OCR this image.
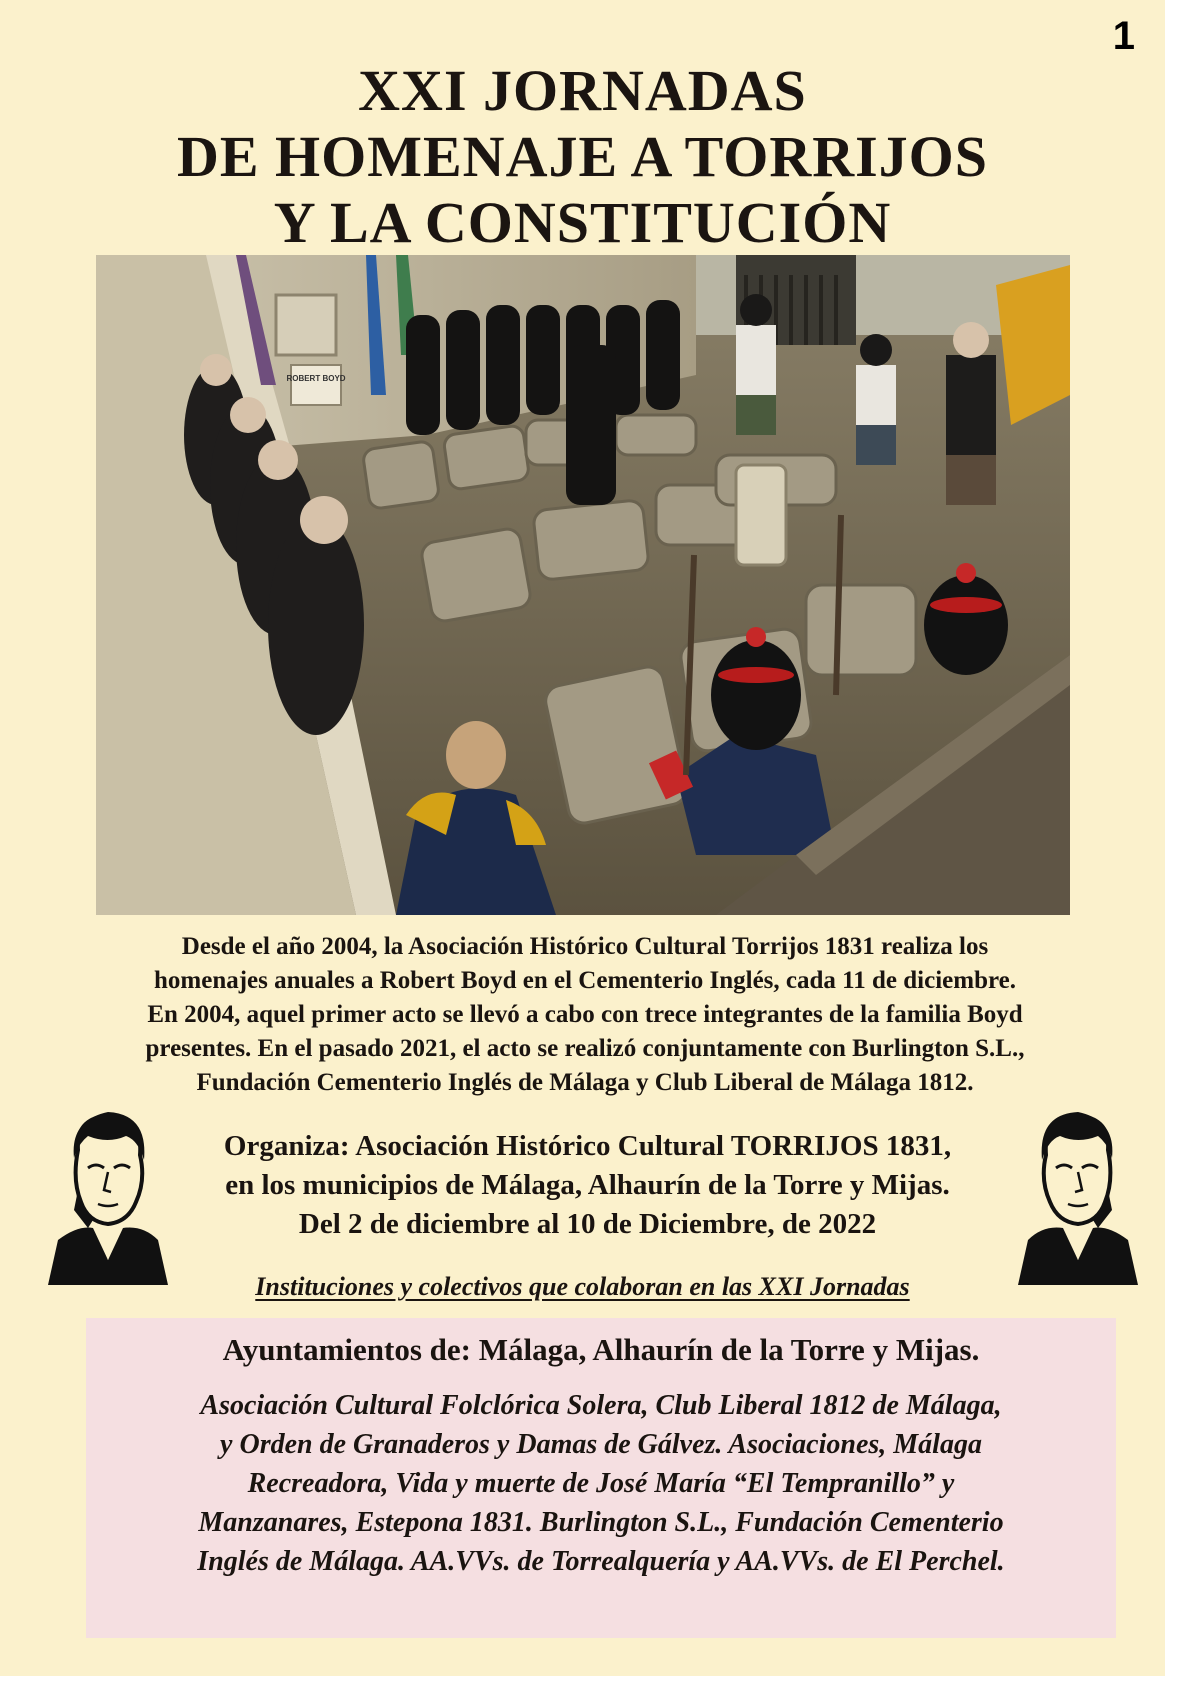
1
XXI JORNADAS
DE HOMENAJE A TORRIJOS
Y LA CONSTITUCIÓN
ROBERT BOYD
Desde el año 2004, la Asociación Histórico Cultural Torrijos 1831 realiza los
homenajes anuales a Robert Boyd en el Cementerio Inglés, cada 11 de diciembre.
En 2004, aquel primer acto se llevó a cabo con trece integrantes de la familia Boyd
presentes. En el pasado 2021, el acto se realizó conjuntamente con Burlington S.L.,
Fundación Cementerio Inglés de Málaga y Club Liberal de Málaga 1812.
Organiza: Asociación Histórico Cultural TORRIJOS 1831,
en los municipios de Málaga, Alhaurín de la Torre y Mijas.
Del 2 de diciembre al 10 de Diciembre, de 2022
Instituciones y colectivos que colaboran en las XXI Jornadas
Ayuntamientos de: Málaga, Alhaurín de la Torre y Mijas.
Asociación Cultural Folclórica Solera, Club Liberal 1812 de Málaga,
y Orden de Granaderos y Damas de Gálvez. Asociaciones, Málaga
Recreadora, Vida y muerte de José María “El Tempranillo” y
Manzanares, Estepona 1831. Burlington S.L., Fundación Cementerio
Inglés de Málaga. AA.VVs. de Torrealquería y AA.VVs. de El Perchel.
